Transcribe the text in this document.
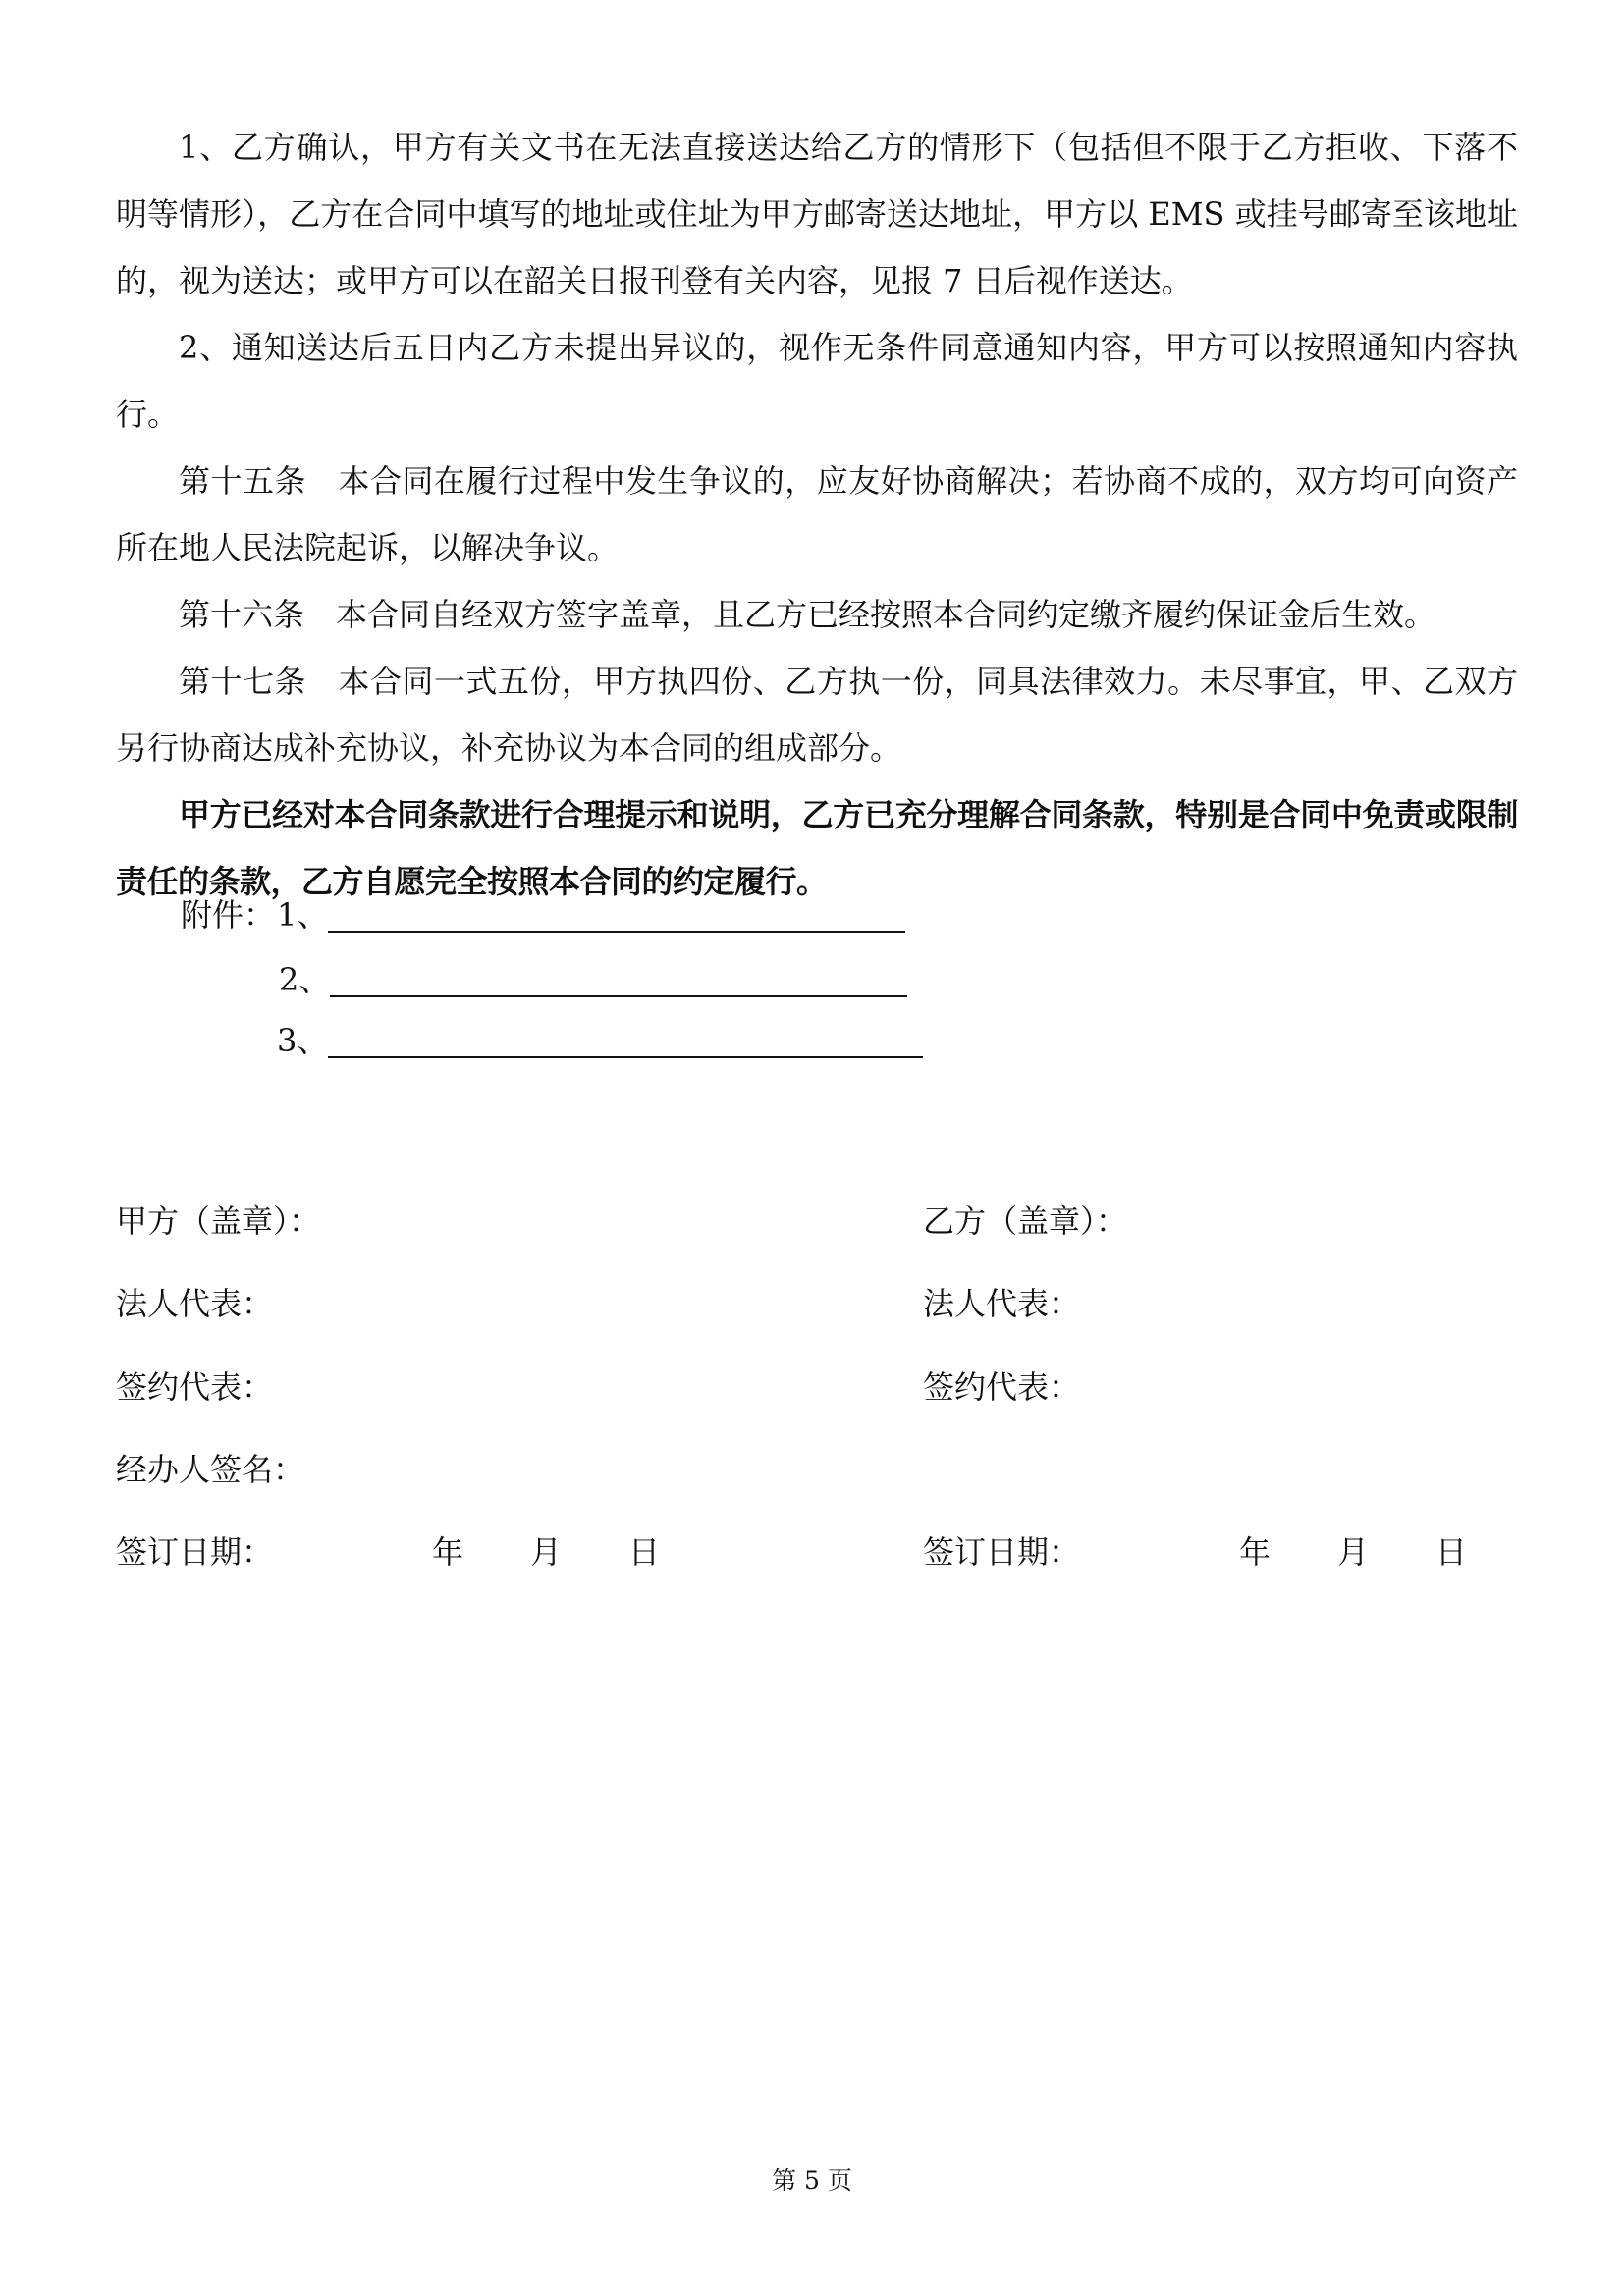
1、乙方确认，甲方有关文书在无法直接送达给乙方的情形下（包括但不限于乙方拒收、下落不明等情形），乙方在合同中填写的地址或住址为甲方邮寄送达地址，甲方以 EMS 或挂号邮寄至该地址的，视为送达；或甲方可以在韶关日报刊登有关内容，见报 7 日后视作送达。

2、通知送达后五日内乙方未提出异议的，视作无条件同意通知内容，甲方可以按照通知内容执行。

第十五条　本合同在履行过程中发生争议的，应友好协商解决；若协商不成的，双方均可向资产所在地人民法院起诉，以解决争议。

第十六条　本合同自经双方签字盖章，且乙方已经按照本合同约定缴齐履约保证金后生效。

第十七条　本合同一式五份，甲方执四份、乙方执一份，同具法律效力。未尽事宜，甲、乙双方另行协商达成补充协议，补充协议为本合同的组成部分。

甲方已经对本合同条款进行合理提示和说明，乙方已充分理解合同条款，特别是合同中免责或限制责任的条款，乙方自愿完全按照本合同的约定履行。

附件： 1、
2、
3、
甲方（盖章）：
法人代表：
签约代表：
经办人签名：
签订日期：	年 月 日
乙方（盖章）：
法人代表：
签约代表：
签订日期：	年 月 日
第 5 页
